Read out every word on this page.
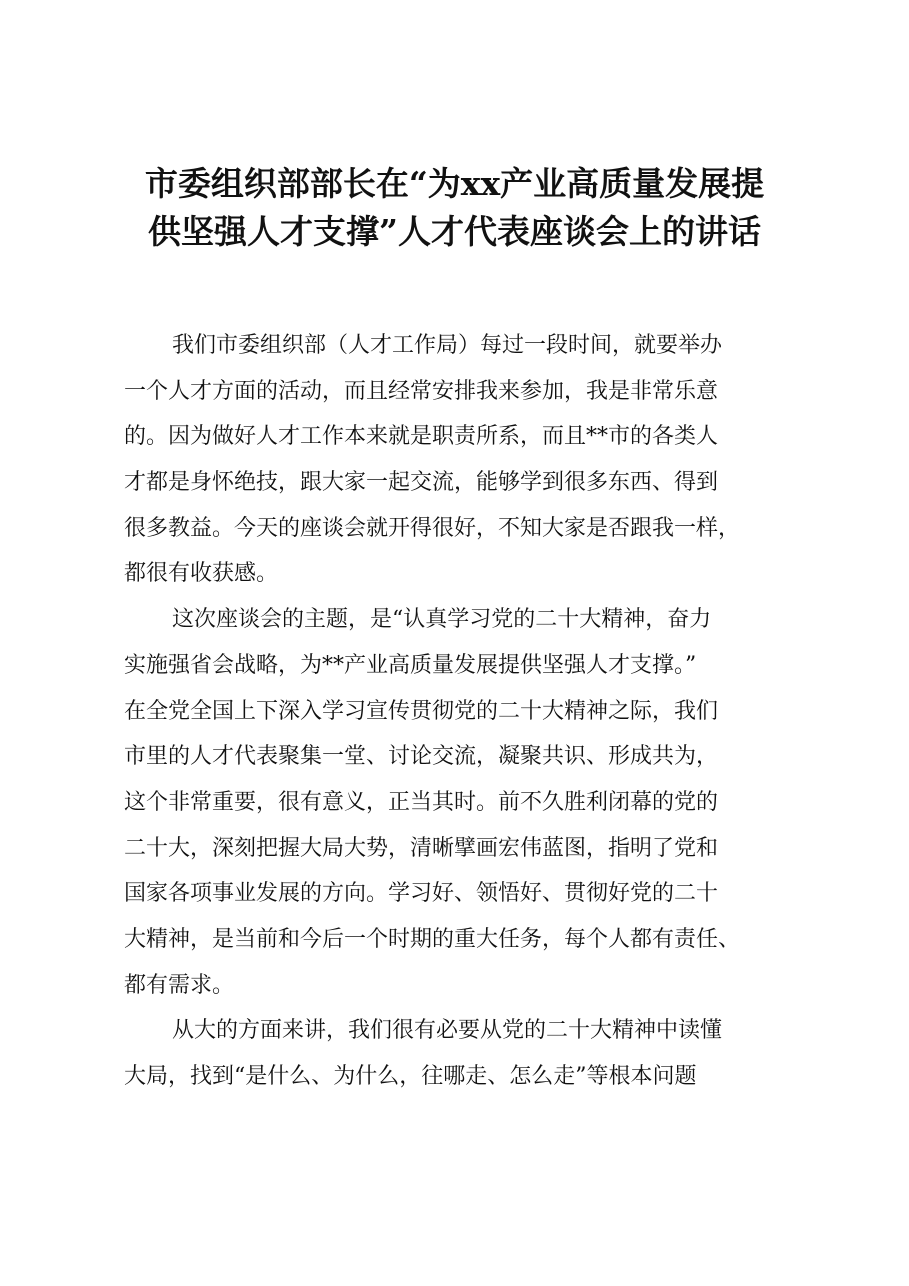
市委组织部部长在“为xx产业高质量发展提
供坚强人才支撑”人才代表座谈会上的讲话

我们市委组织部（人才工作局）每过一段时间，就要举办
一个人才方面的活动，而且经常安排我来参加，我是非常乐意
的。因为做好人才工作本来就是职责所系，而且**市的各类人
才都是身怀绝技，跟大家一起交流，能够学到很多东西、得到
很多教益。今天的座谈会就开得很好，不知大家是否跟我一样，
都很有收获感。

这次座谈会的主题，是“认真学习党的二十大精神，奋力
实施强省会战略，为**产业高质量发展提供坚强人才支撑。”
在全党全国上下深入学习宣传贯彻党的二十大精神之际，我们
市里的人才代表聚集一堂、讨论交流，凝聚共识、形成共为，
这个非常重要，很有意义，正当其时。前不久胜利闭幕的党的
二十大，深刻把握大局大势，清晰擘画宏伟蓝图，指明了党和
国家各项事业发展的方向。学习好、领悟好、贯彻好党的二十
大精神，是当前和今后一个时期的重大任务，每个人都有责任、
都有需求。

从大的方面来讲，我们很有必要从党的二十大精神中读懂
大局，找到“是什么、为什么，往哪走、怎么走”等根本问题
